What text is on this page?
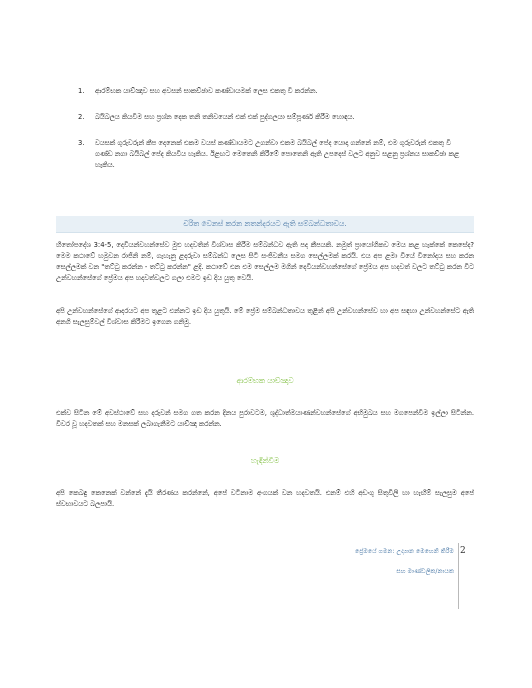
1.	ආරම්භක යාච්ඤාව සහ අවසන් සාකච්ඡාව කණ්ඩායමක් ලෙස එකතු වී කරන්න.
2.	බයිබලය කියවීම සහ ප්‍රශ්න දෙක තනි තනිවයෙන් එක් එක් පුද්ගලයා සම්පූර්ණ කිරීම හොඳය.
3.	වයසක් ගුරුවරුන් කීප දෙනෙක් එකම වයස් කණ්ඩායමට උගන්වා එකම බයිබල් පේද යොදා ගන්නේ නම්, එම ගුරුවරුන් එකතු වී ගණ්ඩ නගා බයිබල් පේද කියවිය හැකිය. ඊළඟට මෙතෙනි කිරීමේ පොතෙනි ඇති උපදෙස් වලට අනුව සළනු ප්‍රශ්නය සාකච්ඡා කළ හැකිය.
චරිත වෙනස් කරන නතන්දරයට ඇති සම්බන්ධතාවය.
හීතෝපදේශ 3:4-5, දෙවියන්වහන්සේව මුළු හදවතින් විශ්වාස කිරීම සම්බන්ධව ඇති පද කීපයකි. නමුත් ප්‍රායෝගිකව මෙය කළ හැක්කේ කෙසේද? මෙම කථාවේ හමුවන රාජිනි නම්, ගැහැනු ළදරුවා සම්බන්ධ ලෙස සිටි සංජිවනීය සමග සෙල්ලමක් කරයි. එය අප ළමා වියේ විනෝදය සහ කරන සෙල්ලමක් වන "තට්ටු කරන්න - තට්ටු කරන්න" ළදි. කථාවේ එන එම සෙල්ලම මගින් දෙවියන්වහන්සේගේ ප්‍රේමය අප හදවත් වලට තට්ටු කරන විට උන්වහන්සේගේ ප්‍රේමය අප හදවත්වලට ගලා එමට ඉඩ දිය යුතු වෙයි.
අපි උන්වහන්සේගේ ආදරයට අප තුළට එන්නට ඉඩ දිය යුතුයි. මේ ප්‍රේම සම්බන්ධතාවය තුළින් අපි උන්වහන්සේව හා අප සඳහා උන්වහන්සේට ඇති අනගි සැලසුම්වල් විශ්වාස කිරීමට ඉගෙන ගනිමු.
ආරම්භක යාච්ඤාව
එක්ව සිටින මේ අවස්ථාවේ සහ දරුවන් සමග ගත කරන දිනය පුරාවටම, ශුද්ධාත්මයාණන්වහන්සේගේ අභිමුඛය සහ මගපෙන්වීම ඉල්ලා සිටින්න. විවර වූ හදවතක් සහ මනසක් ලබාගැනීමට යාච්ඤා කරන්න.
හැඳින්වීම
අපි කෙබඳු කෙනෙක් වන්නේ දැයි තීරණය කරන්නේ, අපේ වටිනාම අංගයක් වන හදවතයි. එනම් එහි අඩංගු සිතුවිලි හා හැඟීම් සැලසුම අපේ ස්වභාවයට බලපායි.
ප්‍රේමයේ ගමන: උද්‍යාන මෙහෙනි කිරීම
සහ මාණ්ඩලික/නායක
2
